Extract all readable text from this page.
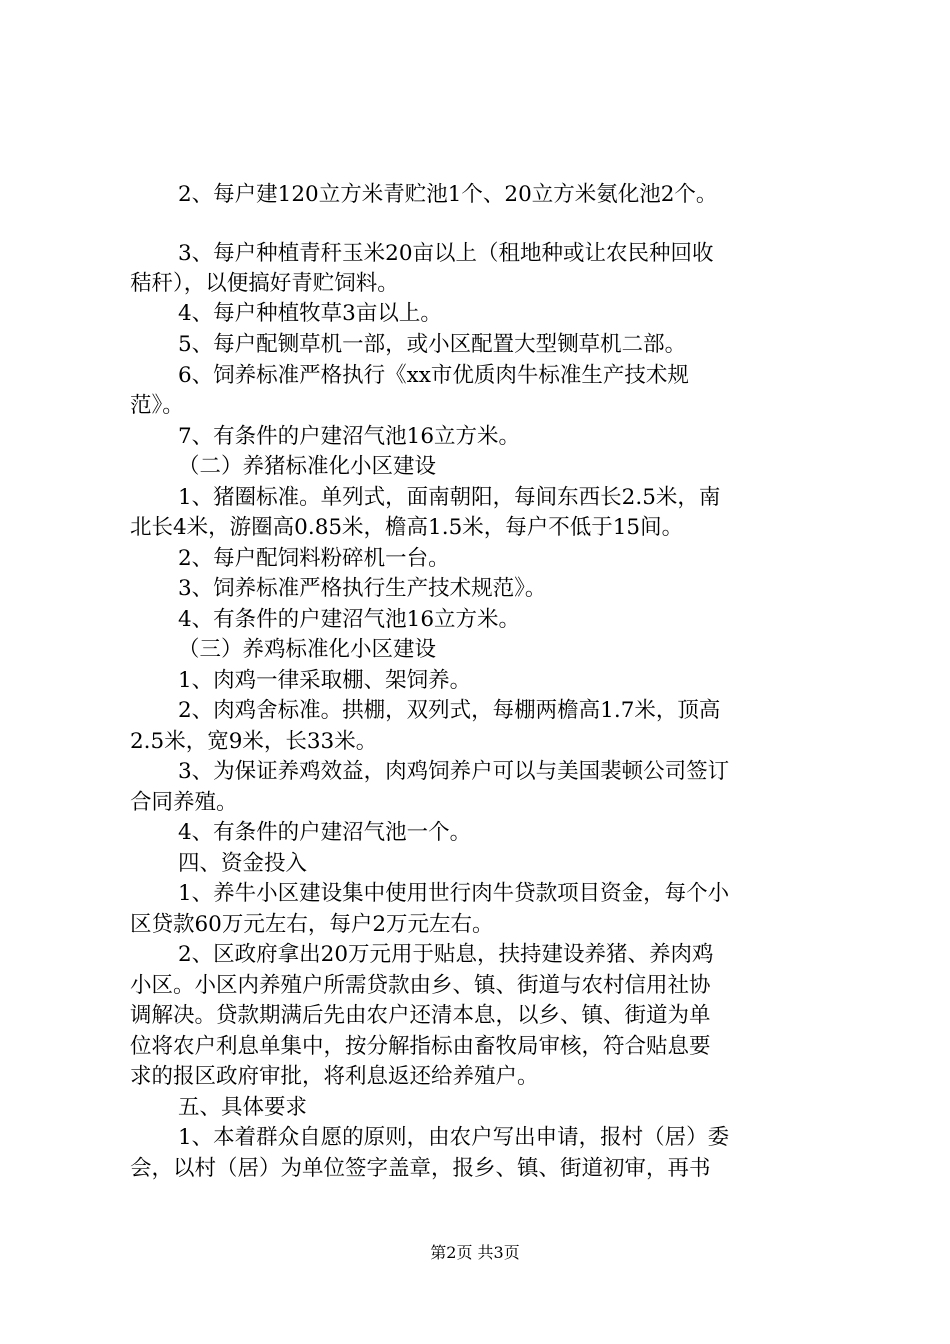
2、每户建120立方米青贮池1个、20立方米氨化池2个。
3、每户种植青秆玉米20亩以上（租地种或让农民种回收
秸秆），以便搞好青贮饲料。
4、每户种植牧草3亩以上。
5、每户配铡草机一部，或小区配置大型铡草机二部。
6、饲养标准严格执行《xx市优质肉牛标准生产技术规
范》。
7、有条件的户建沼气池16立方米。
（二）养猪标准化小区建设
1、猪圈标准。单列式，面南朝阳，每间东西长2.5米，南
北长4米，游圈高0.85米，檐高1.5米，每户不低于15间。
2、每户配饲料粉碎机一台。
3、饲养标准严格执行生产技术规范》。
4、有条件的户建沼气池16立方米。
（三）养鸡标准化小区建设
1、肉鸡一律采取棚、架饲养。
2、肉鸡舍标准。拱棚，双列式，每棚两檐高1.7米，顶高
2.5米，宽9米，长33米。
3、为保证养鸡效益，肉鸡饲养户可以与美国裴顿公司签订
合同养殖。
4、有条件的户建沼气池一个。
四、资金投入
1、养牛小区建设集中使用世行肉牛贷款项目资金，每个小
区贷款60万元左右，每户2万元左右。
2、区政府拿出20万元用于贴息，扶持建设养猪、养肉鸡
小区。小区内养殖户所需贷款由乡、镇、街道与农村信用社协
调解决。贷款期满后先由农户还清本息，以乡、镇、街道为单
位将农户利息单集中，按分解指标由畜牧局审核，符合贴息要
求的报区政府审批，将利息返还给养殖户。
五、具体要求
1、本着群众自愿的原则，由农户写出申请，报村（居）委
会，以村（居）为单位签字盖章，报乡、镇、街道初审，再书
第2页 共3页
